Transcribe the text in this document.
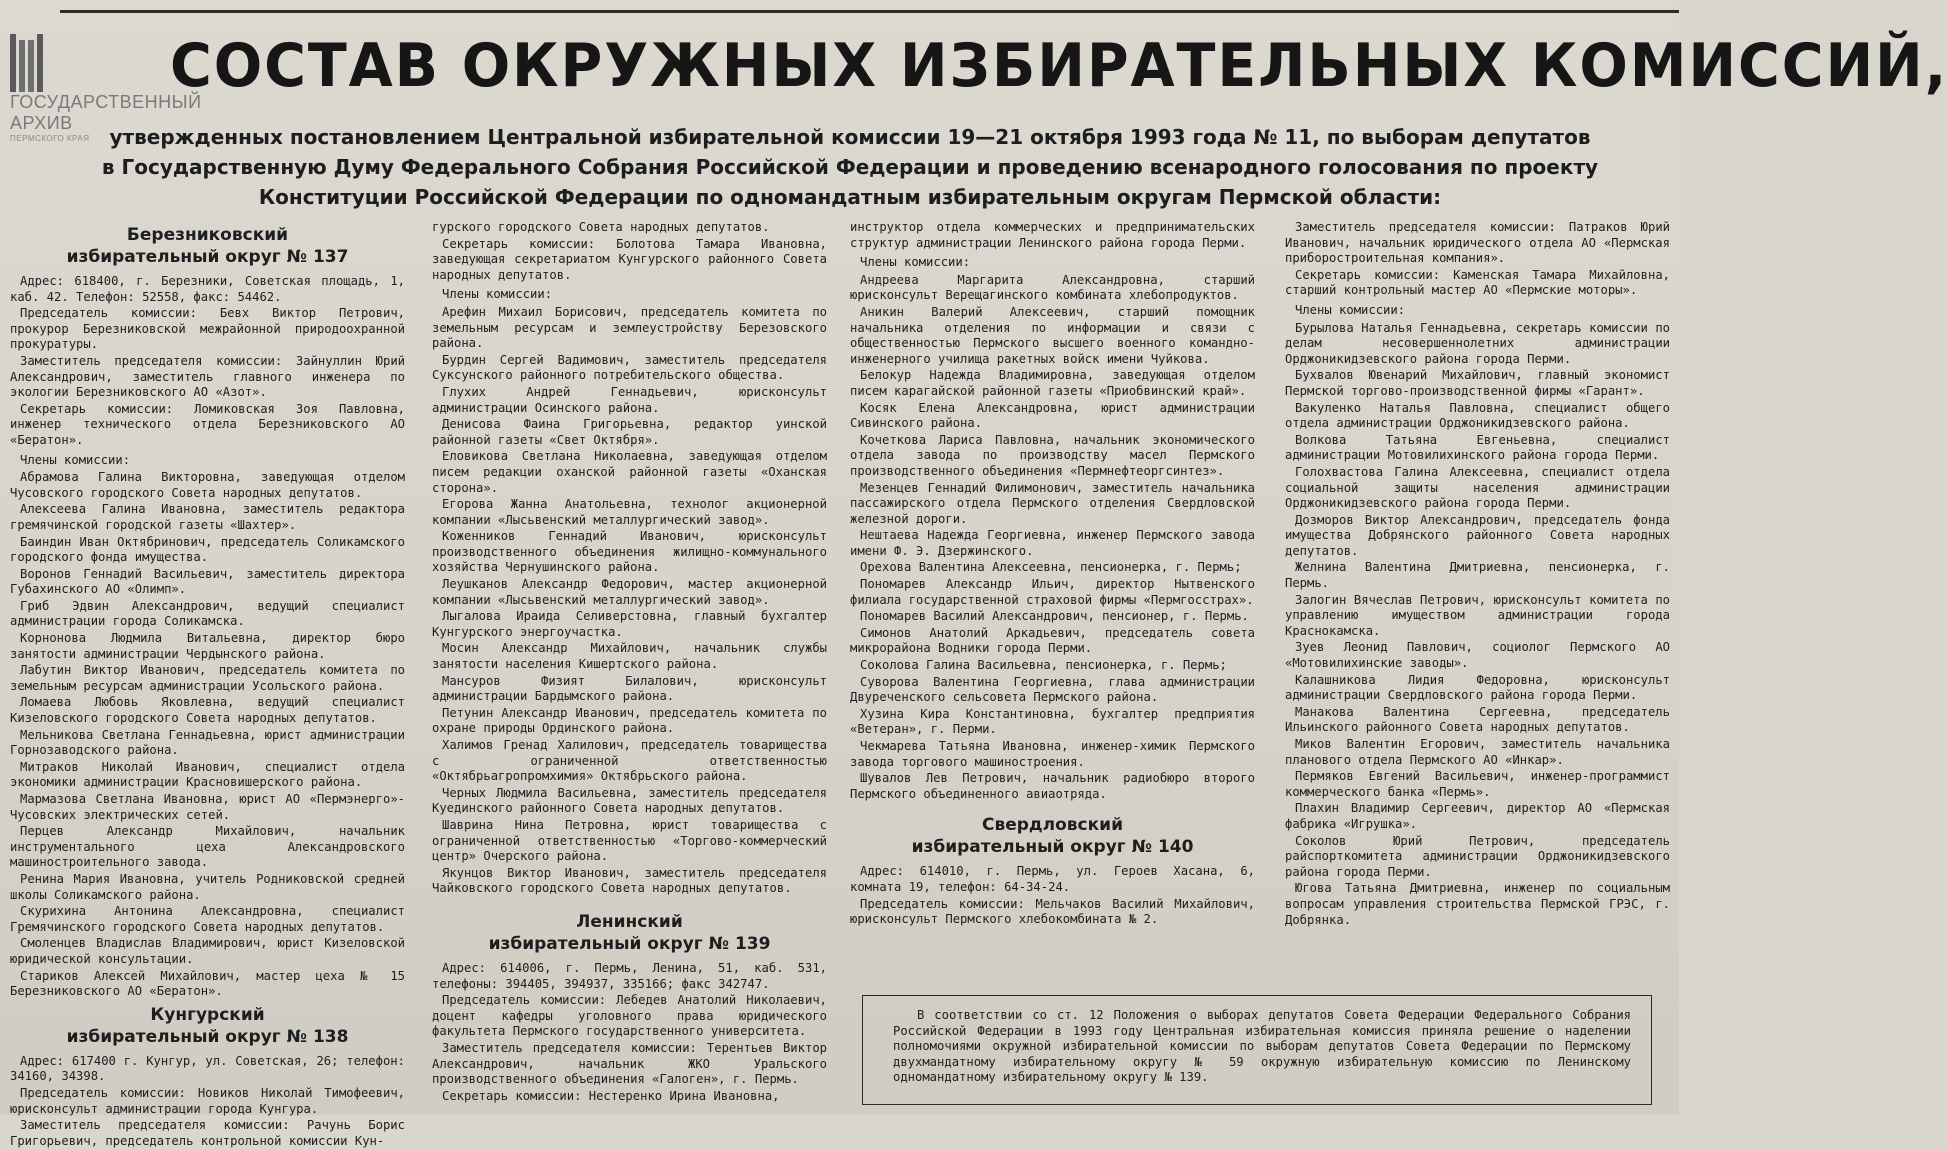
ГОСУДАРСТВЕННЫЙ
АРХИВ
ПЕРМСКОГО КРАЯ
СОСТАВ ОКРУЖНЫХ ИЗБИРАТЕЛЬНЫХ КОМИССИЙ,
утвержденных постановлением Центральной избирательной комиссии 19—21 октября 1993 года № 11, по выборам депутатов
в Государственную Думу Федерального Собрания Российской Федерации и проведению всенародного голосования по проекту
Конституции Российской Федерации по одномандатным избирательным округам Пермской области:
Березниковский
избирательный округ № 137

Адрес: 618400, г. Березники, Советская площадь, 1, каб. 42. Телефон: 52558, факс: 54462.

Председатель комиссии: Бевх Виктор Петрович, прокурор Березниковской межрайонной природоохранной прокуратуры.

Заместитель председателя комиссии: Зайнуллин Юрий Александрович, заместитель главного инженера по экологии Березниковского АО «Азот».

Секретарь комиссии: Ломиковская Зоя Павловна, инженер технического отдела Березниковского АО «Бератон».

Члены комиссии:

Абрамова Галина Викторовна, заведующая отделом Чусовского городского Совета народных депутатов.

Алексеева Галина Ивановна, заместитель редактора гремячинской городской газеты «Шахтер».

Баиндин Иван Октябринович, председатель Соликамского городского фонда имущества.

Воронов Геннадий Васильевич, заместитель директора Губахинского АО «Олимп».

Гриб Эдвин Александрович, ведущий специалист администрации города Соликамска.

Корнонова Людмила Витальевна, директор бюро занятости администрации Чердынского района.

Лабутин Виктор Иванович, председатель комитета по земельным ресурсам администрации Усольского района.

Ломаева Любовь Яковлевна, ведущий специалист Кизеловского городского Совета народных депутатов.

Мельникова Светлана Геннадьевна, юрист администрации Горнозаводского района.

Митраков Николай Иванович, специалист отдела экономики администрации Красновишерского района.

Мармазова Светлана Ивановна, юрист АО «Пермэнерго»-Чусовских электрических сетей.

Перцев Александр Михайлович, начальник инструментального цеха Александровского машиностроительного завода.

Ренина Мария Ивановна, учитель Родниковской средней школы Соликамского района.

Скурихина Антонина Александровна, специалист Гремячинского городского Совета народных депутатов.

Смоленцев Владислав Владимирович, юрист Кизеловской юридической консультации.

Стариков Алексей Михайлович, мастер цеха № 15 Березниковского АО «Бератон».

Кунгурский
избирательный округ № 138

Адрес: 617400 г. Кунгур, ул. Советская, 26; телефон: 34160, 34398.

Председатель комиссии: Новиков Николай Тимофеевич, юрисконсульт администрации города Кунгура.

Заместитель председателя комиссии: Рачунь Борис Григорьевич, председатель контрольной комиссии Кун-

гурского городского Совета народных депутатов.

Секретарь комиссии: Болотова Тамара Ивановна, заведующая секретариатом Кунгурского районного Совета народных депутатов.

Члены комиссии:

Арефин Михаил Борисович, председатель комитета по земельным ресурсам и землеустройству Березовского района.

Бурдин Сергей Вадимович, заместитель председателя Суксунского районного потребительского общества.

Глухих Андрей Геннадьевич, юрисконсульт администрации Осинского района.

Денисова Фаина Григорьевна, редактор уинской районной газеты «Свет Октября».

Еловикова Светлана Николаевна, заведующая отделом писем редакции оханской районной газеты «Оханская сторона».

Егорова Жанна Анатольевна, технолог акционерной компании «Лысьвенский металлургический завод».

Коженников Геннадий Иванович, юрисконсульт производственного объединения жилищно-коммунального хозяйства Чернушинского района.

Леушканов Александр Федорович, мастер акционерной компании «Лысьвенский металлургический завод».

Лыгалова Ираида Селиверстовна, главный бухгалтер Кунгурского энергоучастка.

Мосин Александр Михайлович, начальник службы занятости населения Кишертского района.

Мансуров Физият Билалович, юрисконсульт администрации Бардымского района.

Петунин Александр Иванович, председатель комитета по охране природы Ординского района.

Халимов Гренад Халилович, председатель товарищества с ограниченной ответственностью «Октябрьагропромхимия» Октябрьского района.

Черных Людмила Васильевна, заместитель председателя Куединского районного Совета народных депутатов.

Шаврина Нина Петровна, юрист товарищества с ограниченной ответственностью «Торгово-коммерческий центр» Очерского района.

Якунцов Виктор Иванович, заместитель председателя Чайковского городского Совета народных депутатов.

Ленинский
избирательный округ № 139

Адрес: 614006, г. Пермь, Ленина, 51, каб. 531, телефоны: 394405, 394937, 335166; факс 342747.

Председатель комиссии: Лебедев Анатолий Николаевич, доцент кафедры уголовного права юридического факультета Пермского государственного университета.

Заместитель председателя комиссии: Терентьев Виктор Александрович, начальник ЖКО Уральского производственного объединения «Галоген», г. Пермь.

Секретарь комиссии: Нестеренко Ирина Ивановна,

инструктор отдела коммерческих и предпринимательских структур администрации Ленинского района города Перми.

Члены комиссии:

Андреева Маргарита Александровна, старший юрисконсульт Верещагинского комбината хлебопродуктов.

Аникин Валерий Алексеевич, старший помощник начальника отделения по информации и связи с общественностью Пермского высшего военного командно-инженерного училища ракетных войск имени Чуйкова.

Белокур Надежда Владимировна, заведующая отделом писем карагайской районной газеты «Приобвинский край».

Косяк Елена Александровна, юрист администрации Сивинского района.

Кочеткова Лариса Павловна, начальник экономического отдела завода по производству масел Пермского производственного объединения «Пермнефтеоргсинтез».

Мезенцев Геннадий Филимонович, заместитель начальника пассажирского отдела Пермского отделения Свердловской железной дороги.

Нештаева Надежда Георгиевна, инженер Пермского завода имени Ф. Э. Дзержинского.

Орехова Валентина Алексеевна, пенсионерка, г. Пермь;

Пономарев Александр Ильич, директор Нытвенского филиала государственной страховой фирмы «Пермгосстрах».

Пономарев Василий Александрович, пенсионер, г. Пермь.

Симонов Анатолий Аркадьевич, председатель совета микрорайона Водники города Перми.

Соколова Галина Васильевна, пенсионерка, г. Пермь;

Суворова Валентина Георгиевна, глава администрации Двуреченского сельсовета Пермского района.

Хузина Кира Константиновна, бухгалтер предприятия «Ветеран», г. Перми.

Чекмарева Татьяна Ивановна, инженер-химик Пермского завода торгового машиностроения.

Шувалов Лев Петрович, начальник радиобюро второго Пермского объединенного авиаотряда.

Свердловский
избирательный округ № 140

Адрес: 614010, г. Пермь, ул. Героев Хасана, 6, комната 19, телефон: 64-34-24.

Председатель комиссии: Мельчаков Василий Михайлович, юрисконсульт Пермского хлебокомбината № 2.

Заместитель председателя комиссии: Патраков Юрий Иванович, начальник юридического отдела АО «Пермская приборостроительная компания».

Секретарь комиссии: Каменская Тамара Михайловна, старший контрольный мастер АО «Пермские моторы».

Члены комиссии:

Бурылова Наталья Геннадьевна, секретарь комиссии по делам несовершеннолетних администрации Орджоникидзевского района города Перми.

Бухвалов Ювенарий Михайлович, главный экономист Пермской торгово-производственной фирмы «Гарант».

Вакуленко Наталья Павловна, специалист общего отдела администрации Орджоникидзевского района.

Волкова Татьяна Евгеньевна, специалист администрации Мотовилихинского района города Перми.

Голохвастова Галина Алексеевна, специалист отдела социальной защиты населения администрации Орджоникидзевского района города Перми.

Дозморов Виктор Александрович, председатель фонда имущества Добрянского районного Совета народных депутатов.

Желнина Валентина Дмитриевна, пенсионерка, г. Пермь.

Залогин Вячеслав Петрович, юрисконсульт комитета по управлению имуществом администрации города Краснокамска.

Зуев Леонид Павлович, социолог Пермского АО «Мотовилихинские заводы».

Калашникова Лидия Федоровна, юрисконсульт администрации Свердловского района города Перми.

Манакова Валентина Сергеевна, председатель Ильинского районного Совета народных депутатов.

Миков Валентин Егорович, заместитель начальника планового отдела Пермского АО «Инкар».

Пермяков Евгений Васильевич, инженер-программист коммерческого банка «Пермь».

Плахин Владимир Сергеевич, директор АО «Пермская фабрика «Игрушка».

Соколов Юрий Петрович, председатель райспорткомитета администрации Орджоникидзевского района города Перми.

Югова Татьяна Дмитриевна, инженер по социальным вопросам управления строительства Пермской ГРЭС, г. Добрянка.

В соответствии со ст. 12 Положения о выборах депутатов Совета Федерации Федерального Собрания Российской Федерации в 1993 году Центральная избирательная комиссия приняла решение о наделении полномочиями окружной избирательной комиссии по выборам депутатов Совета Федерации по Пермскому двухмандатному избирательному округу № 59 окружную избирательную комиссию по Ленинскому одномандатному избирательному округу № 139.
